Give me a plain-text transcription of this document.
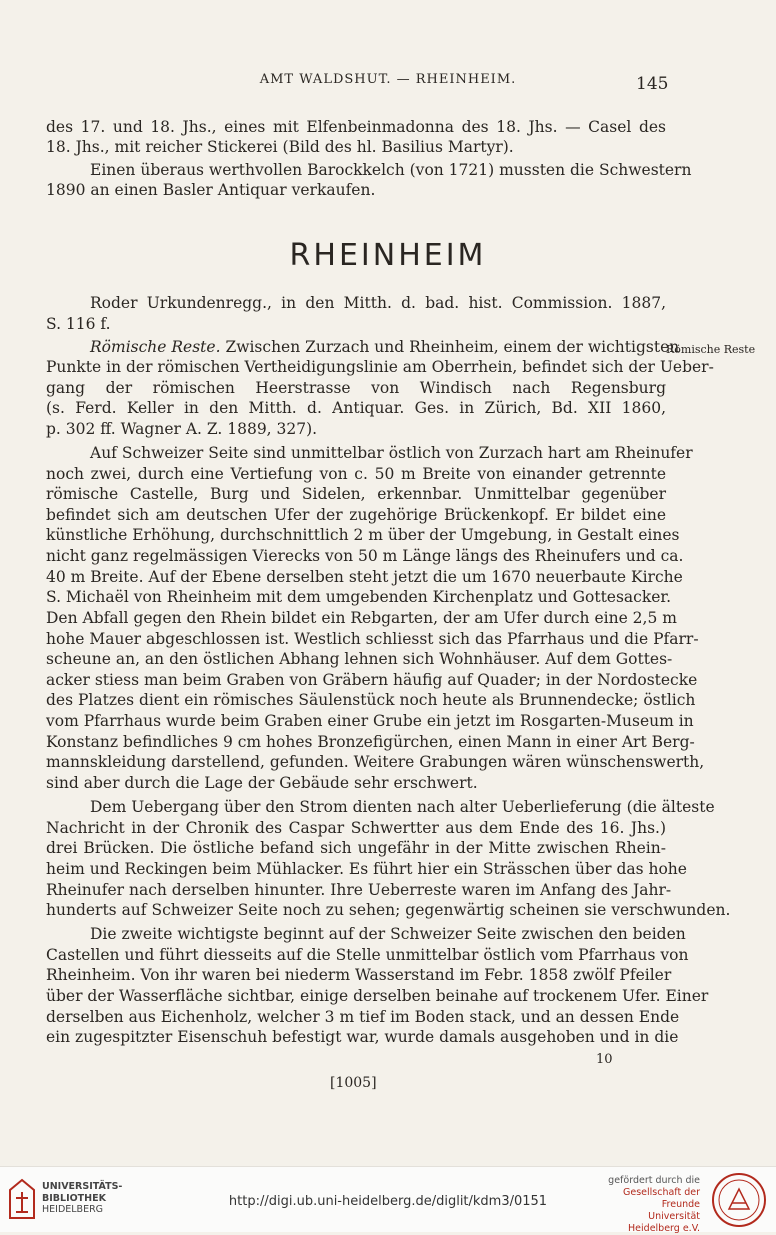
AMT WALDSHUT. — RHEINHEIM.	145
des 17. und 18. Jhs., eines mit Elfenbeinmadonna des 18. Jhs. — Casel des
18. Jhs., mit reicher Stickerei (Bild des hl. Basilius Martyr).
Einen überaus werthvollen Barockkelch (von 1721) mussten die Schwestern
1890 an einen Basler Antiquar verkaufen.
RHEINHEIM
Roder Urkundenregg., in den Mitth. d. bad. hist. Commission. 1887,
S. 116 f.
Römische Reste. Zwischen Zurzach und Rheinheim, einem der wichtigsten
Römische Reste
Punkte in der römischen Vertheidigungslinie am Oberrhein, befindet sich der Ueber-
gang der römischen Heerstrasse von Windisch nach Regensburg
(s. Ferd. Keller in den Mitth. d. Antiquar. Ges. in Zürich, Bd. XII 1860,
p. 302 ff. Wagner A. Z. 1889, 327).
Auf Schweizer Seite sind unmittelbar östlich von Zurzach hart am Rheinufer
noch zwei, durch eine Vertiefung von c. 50 m Breite von einander getrennte
römische Castelle, Burg und Sidelen, erkennbar. Unmittelbar gegenüber
befindet sich am deutschen Ufer der zugehörige Brückenkopf. Er bildet eine
künstliche Erhöhung, durchschnittlich 2 m über der Umgebung, in Gestalt eines
nicht ganz regelmässigen Vierecks von 50 m Länge längs des Rheinufers und ca.
40 m Breite. Auf der Ebene derselben steht jetzt die um 1670 neuerbaute Kirche
S. Michaël von Rheinheim mit dem umgebenden Kirchenplatz und Gottesacker.
Den Abfall gegen den Rhein bildet ein Rebgarten, der am Ufer durch eine 2,5 m
hohe Mauer abgeschlossen ist. Westlich schliesst sich das Pfarrhaus und die Pfarr-
scheune an, an den östlichen Abhang lehnen sich Wohnhäuser. Auf dem Gottes-
acker stiess man beim Graben von Gräbern häufig auf Quader; in der Nordostecke
des Platzes dient ein römisches Säulenstück noch heute als Brunnendecke; östlich
vom Pfarrhaus wurde beim Graben einer Grube ein jetzt im Rosgarten-Museum in
Konstanz befindliches 9 cm hohes Bronzefigürchen, einen Mann in einer Art Berg-
mannskleidung darstellend, gefunden. Weitere Grabungen wären wünschenswerth,
sind aber durch die Lage der Gebäude sehr erschwert.
Dem Uebergang über den Strom dienten nach alter Ueberlieferung (die älteste
Nachricht in der Chronik des Caspar Schwertter aus dem Ende des 16. Jhs.)
drei Brücken. Die östliche befand sich ungefähr in der Mitte zwischen Rhein-
heim und Reckingen beim Mühlacker. Es führt hier ein Strässchen über das hohe
Rheinufer nach derselben hinunter. Ihre Ueberreste waren im Anfang des Jahr-
hunderts auf Schweizer Seite noch zu sehen; gegenwärtig scheinen sie verschwunden.
Die zweite wichtigste beginnt auf der Schweizer Seite zwischen den beiden
Castellen und führt diesseits auf die Stelle unmittelbar östlich vom Pfarrhaus von
Rheinheim. Von ihr waren bei niederm Wasserstand im Febr. 1858 zwölf Pfeiler
über der Wasserfläche sichtbar, einige derselben beinahe auf trockenem Ufer. Einer
derselben aus Eichenholz, welcher 3 m tief im Boden stack, und an dessen Ende
ein zugespitzter Eisenschuh befestigt war, wurde damals ausgehoben und in die
10
[1005]
UNIVERSITÄTS-
BIBLIOTHEK
HEIDELBERG
http://digi.ub.uni-heidelberg.de/diglit/kdm3/0151
gefördert durch die
Gesellschaft der Freunde
Universität Heidelberg e.V.
